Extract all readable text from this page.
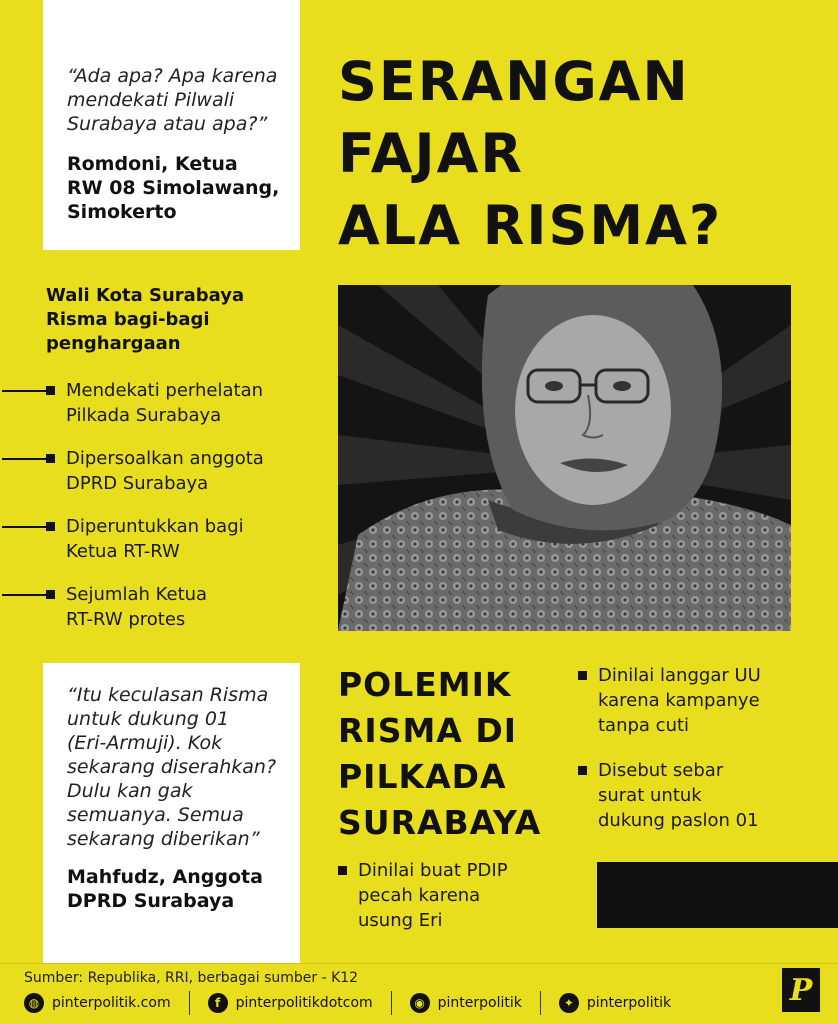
“Ada apa? Apa karena
mendekati Pilwali
Surabaya atau apa?”
Romdoni, Ketua
RW 08 Simolawang,
Simokerto
SERANGAN
FAJAR
ALA RISMA?
Wali Kota Surabaya
Risma bagi-bagi
penghargaan
Mendekati perhelatan
Pilkada Surabaya
Dipersoalkan anggota
DPRD Surabaya
Diperuntukkan bagi
Ketua RT-RW
Sejumlah Ketua
RT-RW protes
“Itu keculasan Risma
untuk dukung 01
(Eri-Armuji). Kok
sekarang diserahkan?
Dulu kan gak
semuanya. Semua
sekarang diberikan”
Mahfudz, Anggota
DPRD Surabaya
POLEMIK
RISMA DI
PILKADA
SURABAYA
Dinilai buat PDIP
pecah karena
usung Eri
Dinilai langgar UU
karena kampanye
tanpa cuti
Disebut sebar
surat untuk
dukung paslon 01
Sumber: Republika, RRI, berbagai sumber - K12
◍ pinterpolitik.com	f	pinterpolitikdotcom	◉ pinterpolitik	✦ pinterpolitik	P
